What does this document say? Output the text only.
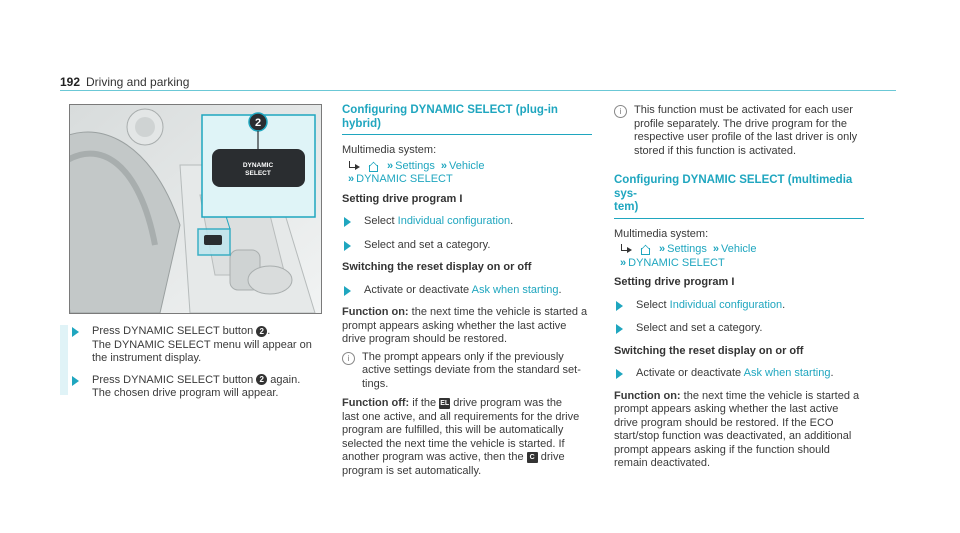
192 Driving and parking
2
DYNAMIC
SELECT
Press DYNAMIC SELECT button 2 .
The DYNAMIC SELECT menu will appear on
the instrument display.
Press DYNAMIC SELECT button 2 again.
The chosen drive program will appear.
Configuring DYNAMIC SELECT (plug-in hybrid)
Multimedia system:
» Settings » Vehicle
» DYNAMIC SELECT
Setting drive program I
Select Individual configuration.
Select and set a category.
Switching the reset display on or off
Activate or deactivate Ask when starting.
Function on: the next time the vehicle is started a
prompt appears asking whether the last active
drive program should be restored.
i	The prompt appears only if the previously
active settings deviate from the standard set-
tings.
Function off: if the EL drive program was the
last one active, and all requirements for the drive
program are fulfilled, this will be automatically
selected the next time the vehicle is started. If
another program was active, then the C drive
program is set automatically.
i	This function must be activated for each user
profile separately. The drive program for the
respective user profile of the last driver is only
stored if this function is activated.
Configuring DYNAMIC SELECT (multimedia sys-
tem)
Multimedia system:
» Settings » Vehicle
» DYNAMIC SELECT
Setting drive program I
Select Individual configuration.
Select and set a category.
Switching the reset display on or off
Activate or deactivate Ask when starting.
Function on: the next time the vehicle is started a
prompt appears asking whether the last active
drive program should be restored. If the ECO
start/stop function was deactivated, an additional
prompt appears asking if the function should
remain deactivated.
